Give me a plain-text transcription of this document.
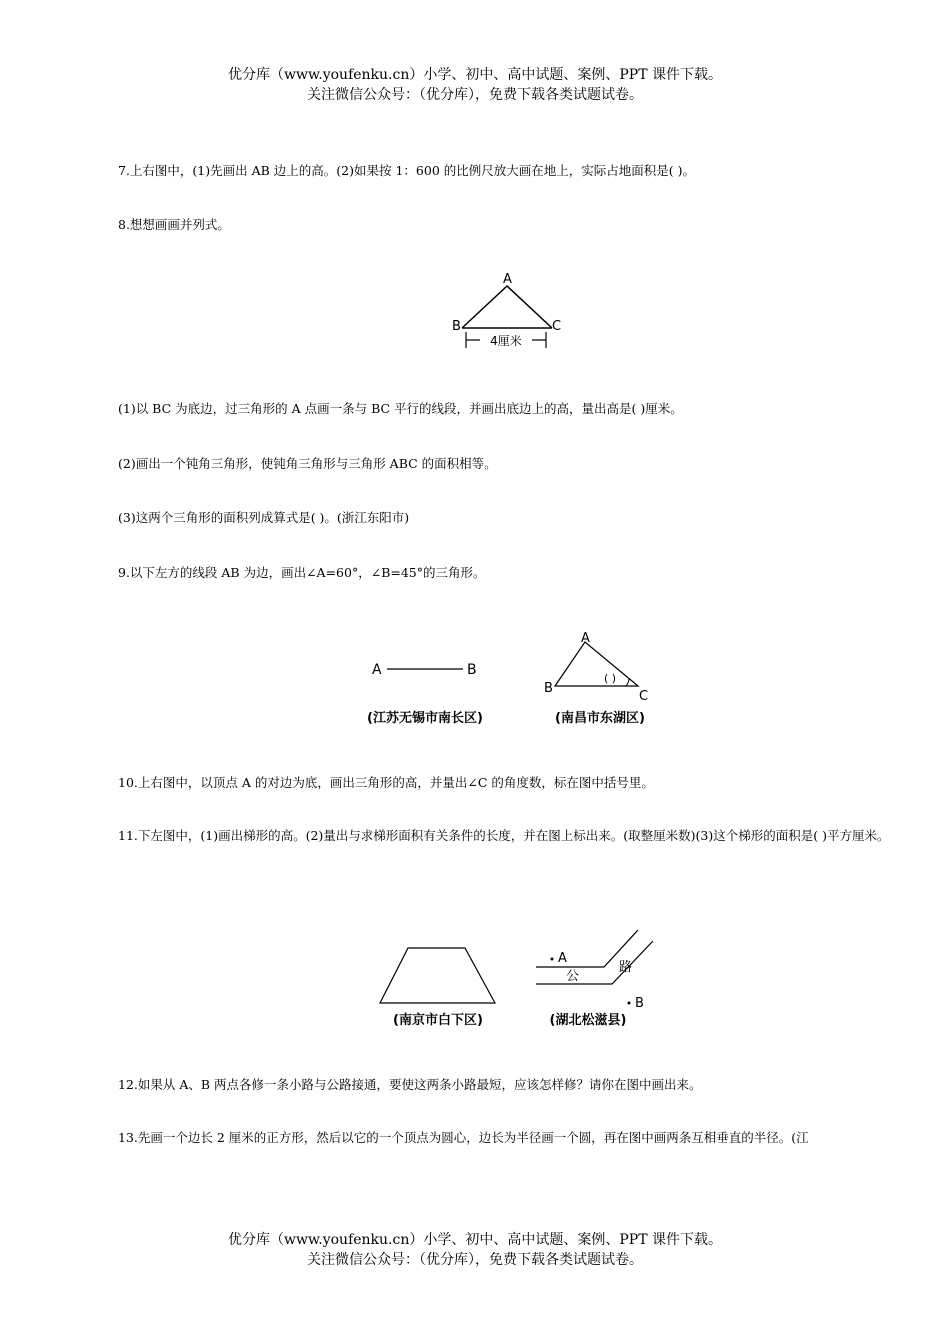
优分库（www.youfenku.cn）小学、初中、高中试题、案例、PPT 课件下载。
关注微信公众号：（优分库），免费下载各类试题试卷。
7.上右图中，(1)先画出 AB 边上的高。(2)如果按 1：600 的比例尺放大画在地上，实际占地面积是( )。
8.想想画画并列式。
A
B	C
4厘米
(1)以 BC 为底边，过三角形的 A 点画一条与 BC 平行的线段，并画出底边上的高，量出高是( )厘米。
(2)画出一个钝角三角形，使钝角三角形与三角形 ABC 的面积相等。
(3)这两个三角形的面积列成算式是( )。(浙江东阳市)
9.以下左方的线段 AB 为边，画出∠A=60°，∠B=45°的三角形。
A	B
(江苏无锡市南长区)
A
B
C
( )
(南昌市东湖区)
10.上右图中，以顶点 A 的对边为底，画出三角形的高，并量出∠C 的角度数，标在图中括号里。
11.下左图中，(1)画出梯形的高。(2)量出与求梯形面积有关条件的长度，并在图上标出来。(取整厘米数)(3)这个梯形的面积是( )平方厘米。
(南京市白下区)
A
B
路
公
(湖北松滋县)
12.如果从 A、B 两点各修一条小路与公路接通，要使这两条小路最短，应该怎样修？请你在图中画出来。
13.先画一个边长 2 厘米的正方形，然后以它的一个顶点为圆心，边长为半径画一个圆，再在图中画两条互相垂直的半径。(江
优分库（www.youfenku.cn）小学、初中、高中试题、案例、PPT 课件下载。
关注微信公众号：（优分库），免费下载各类试题试卷。
